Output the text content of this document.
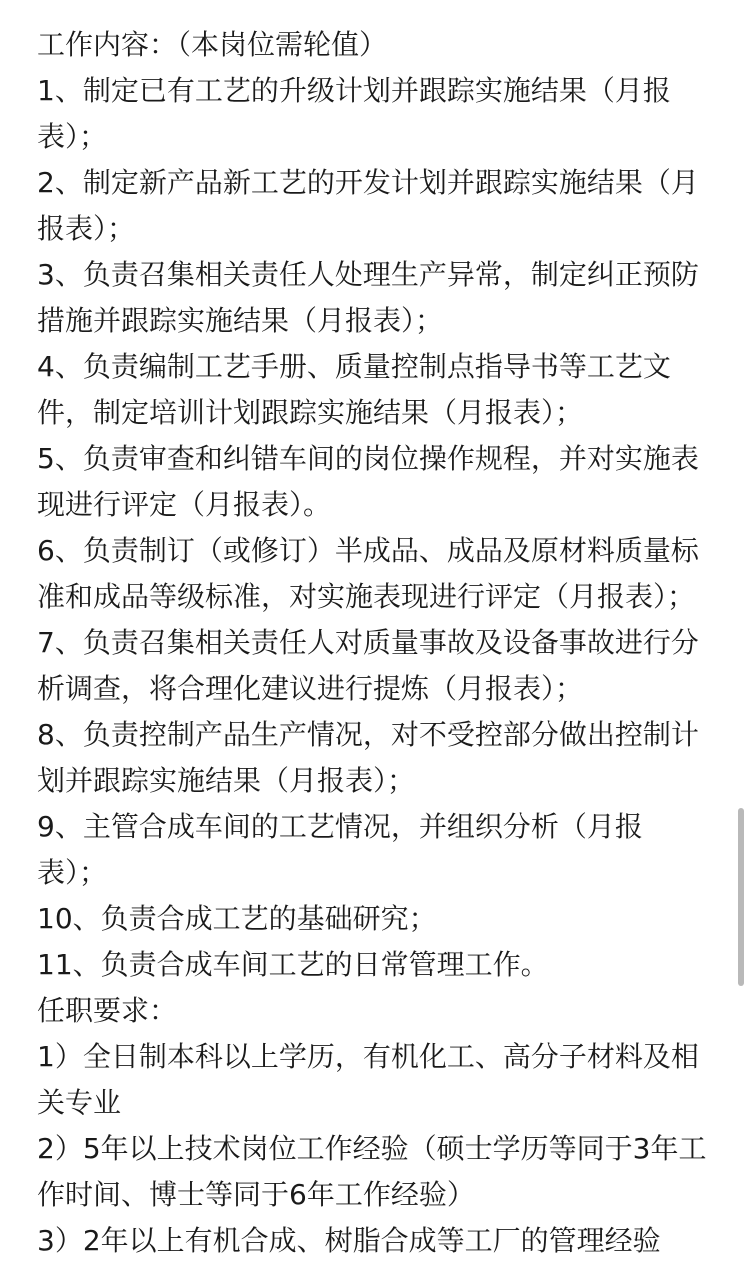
工作内容：（本岗位需轮值）
1、制定已有工艺的升级计划并跟踪实施结果（月报
表）；
2、制定新产品新工艺的开发计划并跟踪实施结果（月
报表）；
3、负责召集相关责任人处理生产异常，制定纠正预防
措施并跟踪实施结果（月报表）；
4、负责编制工艺手册、质量控制点指导书等工艺文
件，制定培训计划跟踪实施结果（月报表）；
5、负责审查和纠错车间的岗位操作规程，并对实施表
现进行评定（月报表）。
6、负责制订（或修订）半成品、成品及原材料质量标
准和成品等级标准，对实施表现进行评定（月报表）；
7、负责召集相关责任人对质量事故及设备事故进行分
析调查，将合理化建议进行提炼（月报表）；
8、负责控制产品生产情况，对不受控部分做出控制计
划并跟踪实施结果（月报表）；
9、主管合成车间的工艺情况，并组织分析（月报
表）；
10、负责合成工艺的基础研究；
11、负责合成车间工艺的日常管理工作。
任职要求：
1）全日制本科以上学历，有机化工、高分子材料及相
关专业
2）5年以上技术岗位工作经验（硕士学历等同于3年工
作时间、博士等同于6年工作经验）
3）2年以上有机合成、树脂合成等工厂的管理经验
